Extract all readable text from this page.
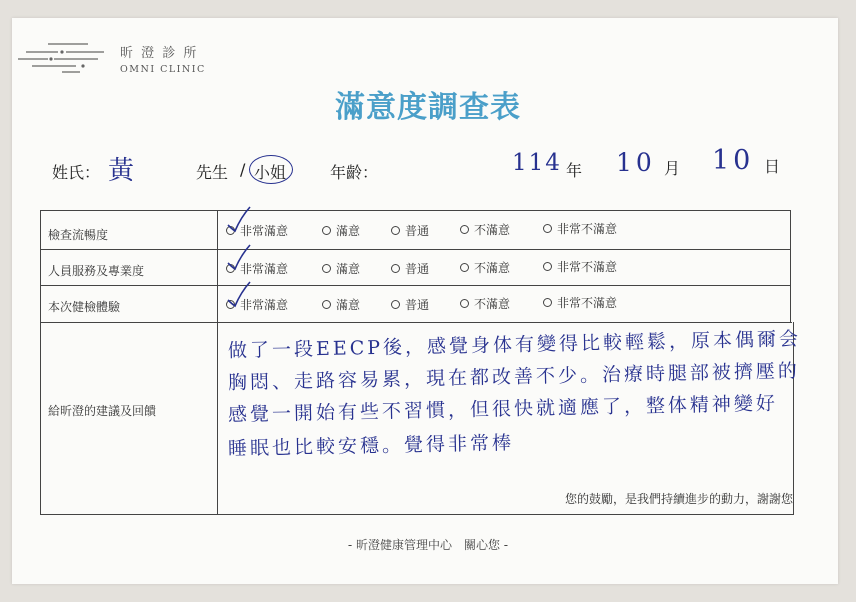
昕 澄 診 所
OMNI CLINIC
滿意度調查表
姓氏： 黃	先生 / 小姐	年齡：	114 年 10 月 10 日
檢查流暢度	非常滿意	滿意	普通	不滿意	非常不滿意
人員服務及專業度	非常滿意	滿意	普通	不滿意	非常不滿意
本次健檢體驗	非常滿意	滿意	普通	不滿意	非常不滿意
給昕澄的建議及回饋
做了一段EECP後，感覺身体有變得比較輕鬆，原本偶爾会
胸悶、走路容易累，現在都改善不少。治療時腿部被擠壓的
感覺一開始有些不習慣，但很快就適應了，整体精神變好
睡眠也比較安穩。覺得非常棒
您的鼓勵，是我們持續進步的動力，謝謝您
- 昕澄健康管理中心　關心您 -
